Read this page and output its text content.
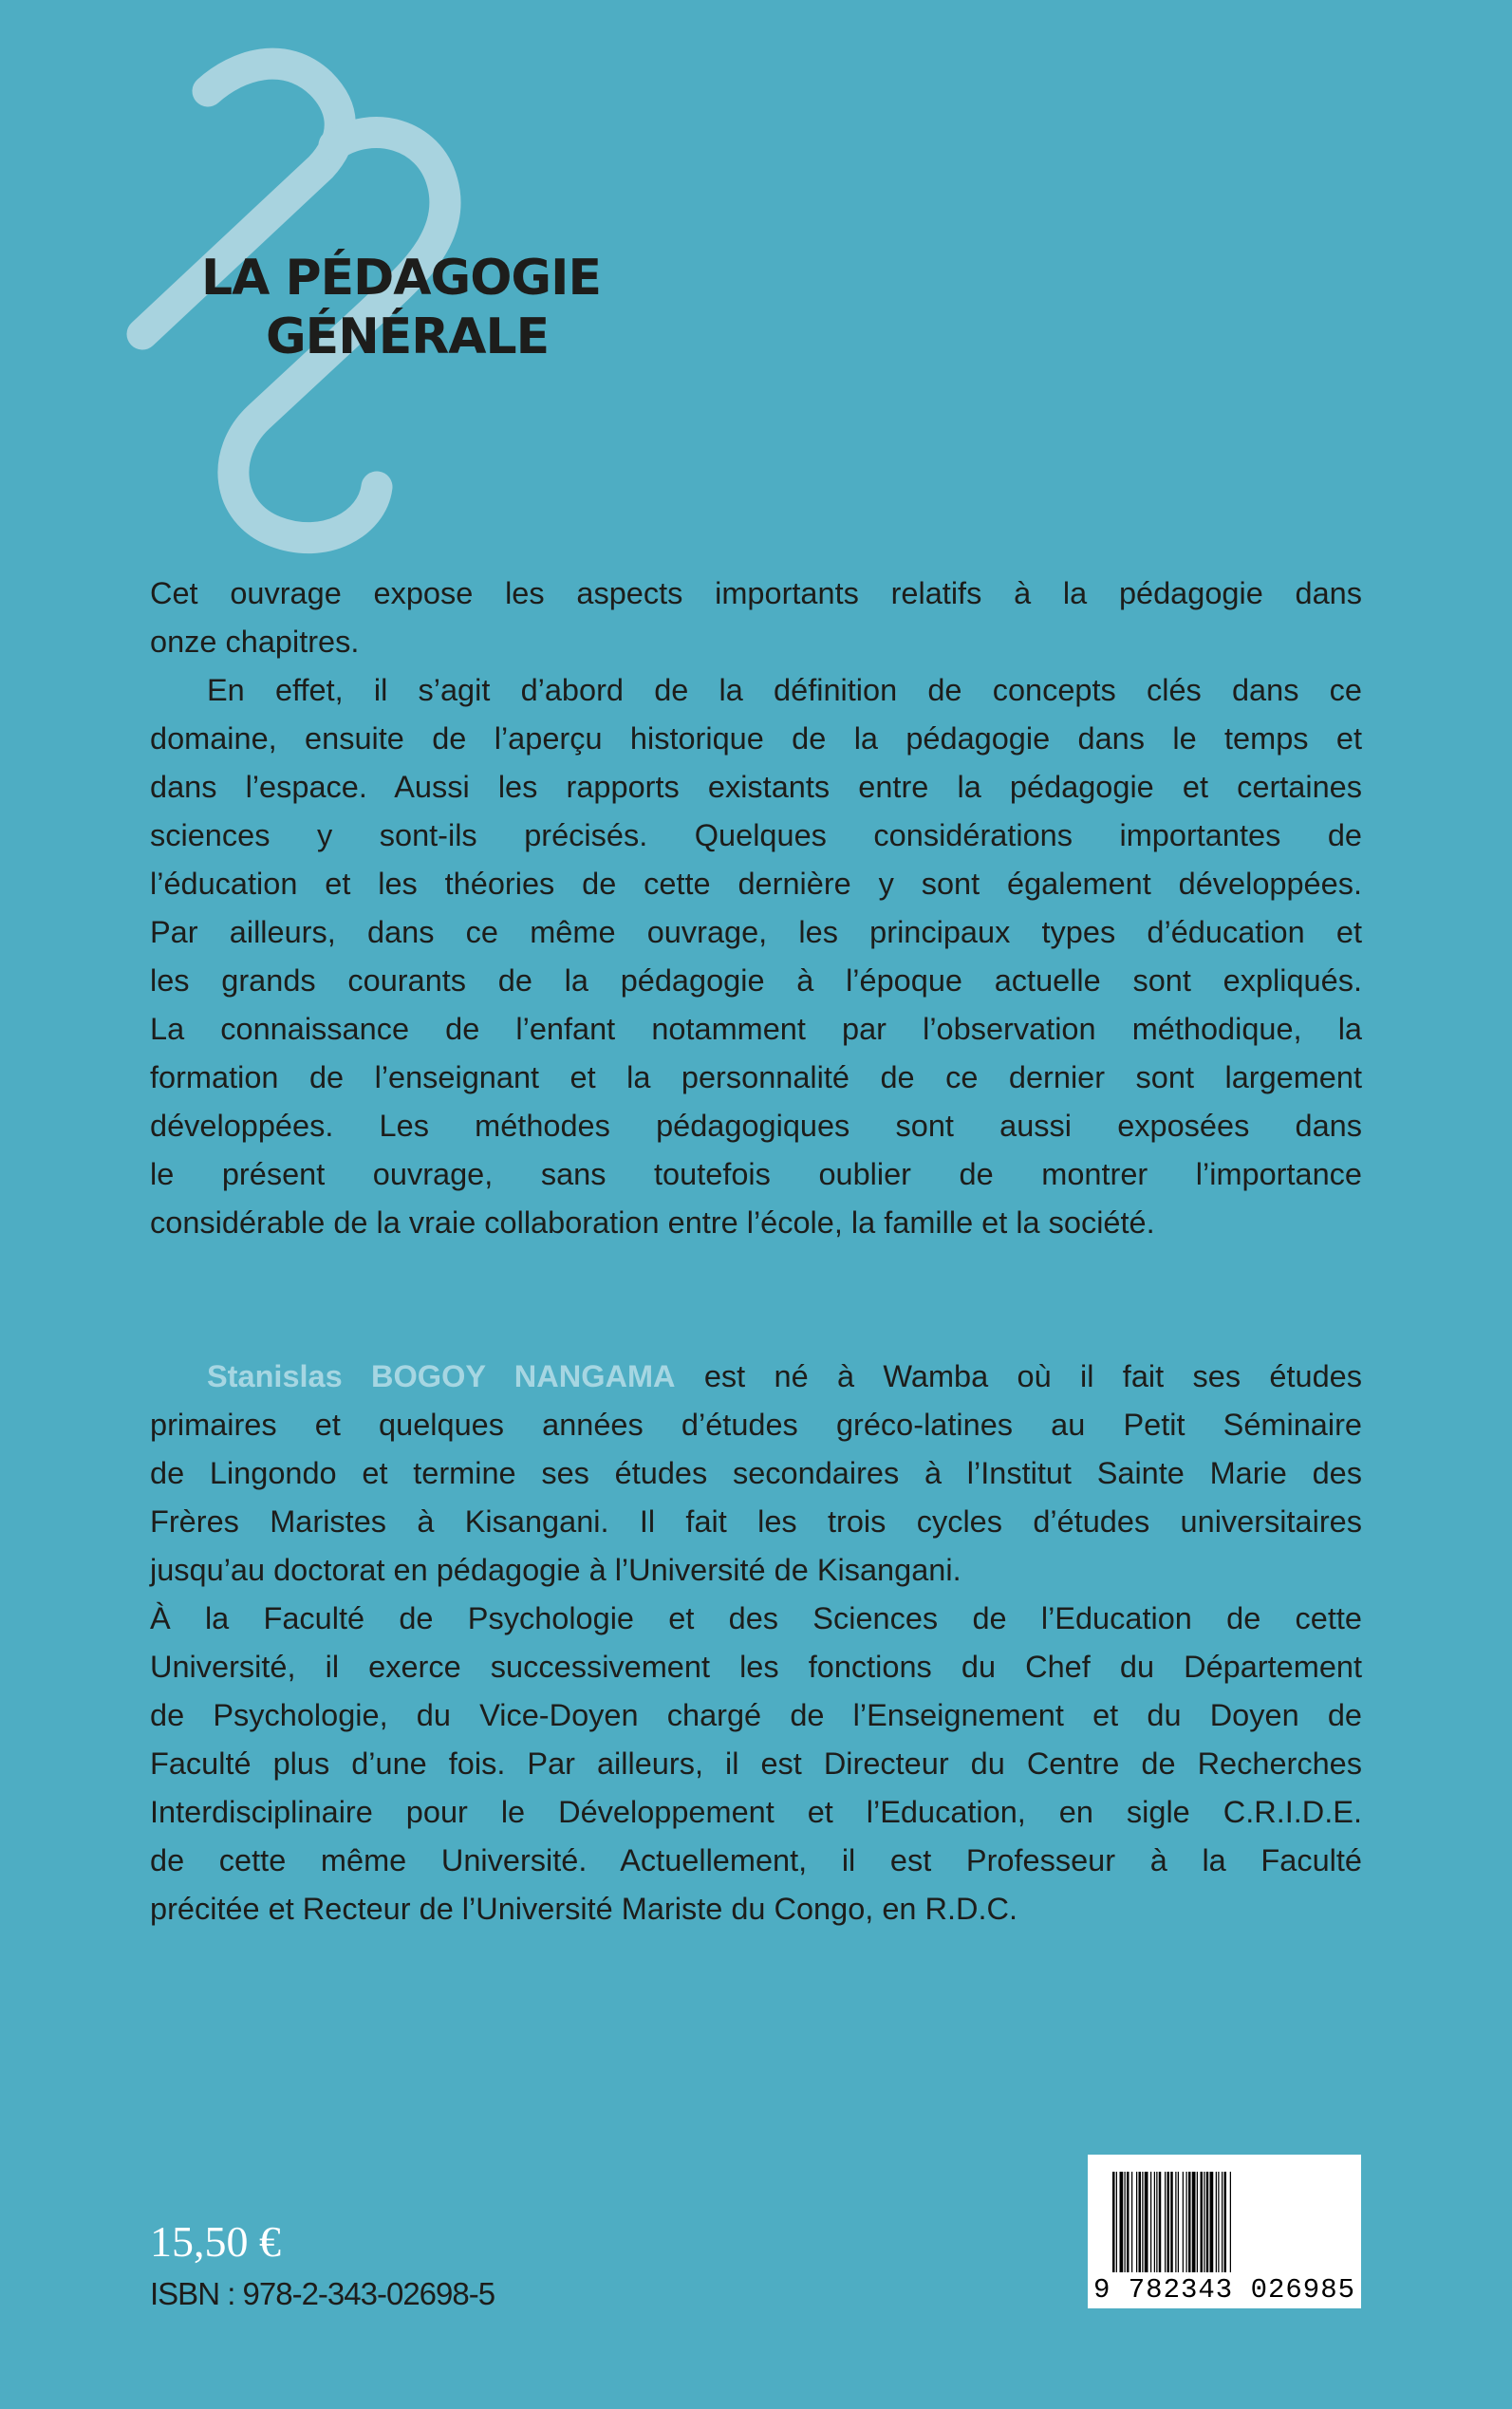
LA PÉDAGOGIE
GÉNÉRALE
Cet ouvrage expose les aspects importants relatifs à la pédagogie dans
onze chapitres.
En effet, il s’agit d’abord de la définition de concepts clés dans ce
domaine, ensuite de l’aperçu historique de la pédagogie dans le temps et
dans l’espace. Aussi les rapports existants entre la pédagogie et certaines
sciences y sont-ils précisés. Quelques considérations importantes de
l’éducation et les théories de cette dernière y sont également développées.
Par ailleurs, dans ce même ouvrage, les principaux types d’éducation et
les grands courants de la pédagogie à l’époque actuelle sont expliqués.
La connaissance de l’enfant notamment par l’observation méthodique, la
formation de l’enseignant et la personnalité de ce dernier sont largement
développées. Les méthodes pédagogiques sont aussi exposées dans
le présent ouvrage, sans toutefois oublier de montrer l’importance
considérable de la vraie collaboration entre l’école, la famille et la société.
Stanislas BOGOY NANGAMA est né à Wamba où il fait ses études
primaires et quelques années d’études gréco-latines au Petit Séminaire
de Lingondo et termine ses études secondaires à l’Institut Sainte Marie des
Frères Maristes à Kisangani. Il fait les trois cycles d’études universitaires
jusqu’au doctorat en pédagogie à l’Université de Kisangani.
À la Faculté de Psychologie et des Sciences de l’Education de cette
Université, il exerce successivement les fonctions du Chef du Département
de Psychologie, du Vice-Doyen chargé de l’Enseignement et du Doyen de
Faculté plus d’une fois. Par ailleurs, il est Directeur du Centre de Recherches
Interdisciplinaire pour le Développement et l’Education, en sigle C.R.I.D.E.
de cette même Université. Actuellement, il est Professeur à la Faculté
précitée et Recteur de l’Université Mariste du Congo, en R.D.C.
15,50 €
ISBN : 978-2-343-02698-5	9 782343 026985
